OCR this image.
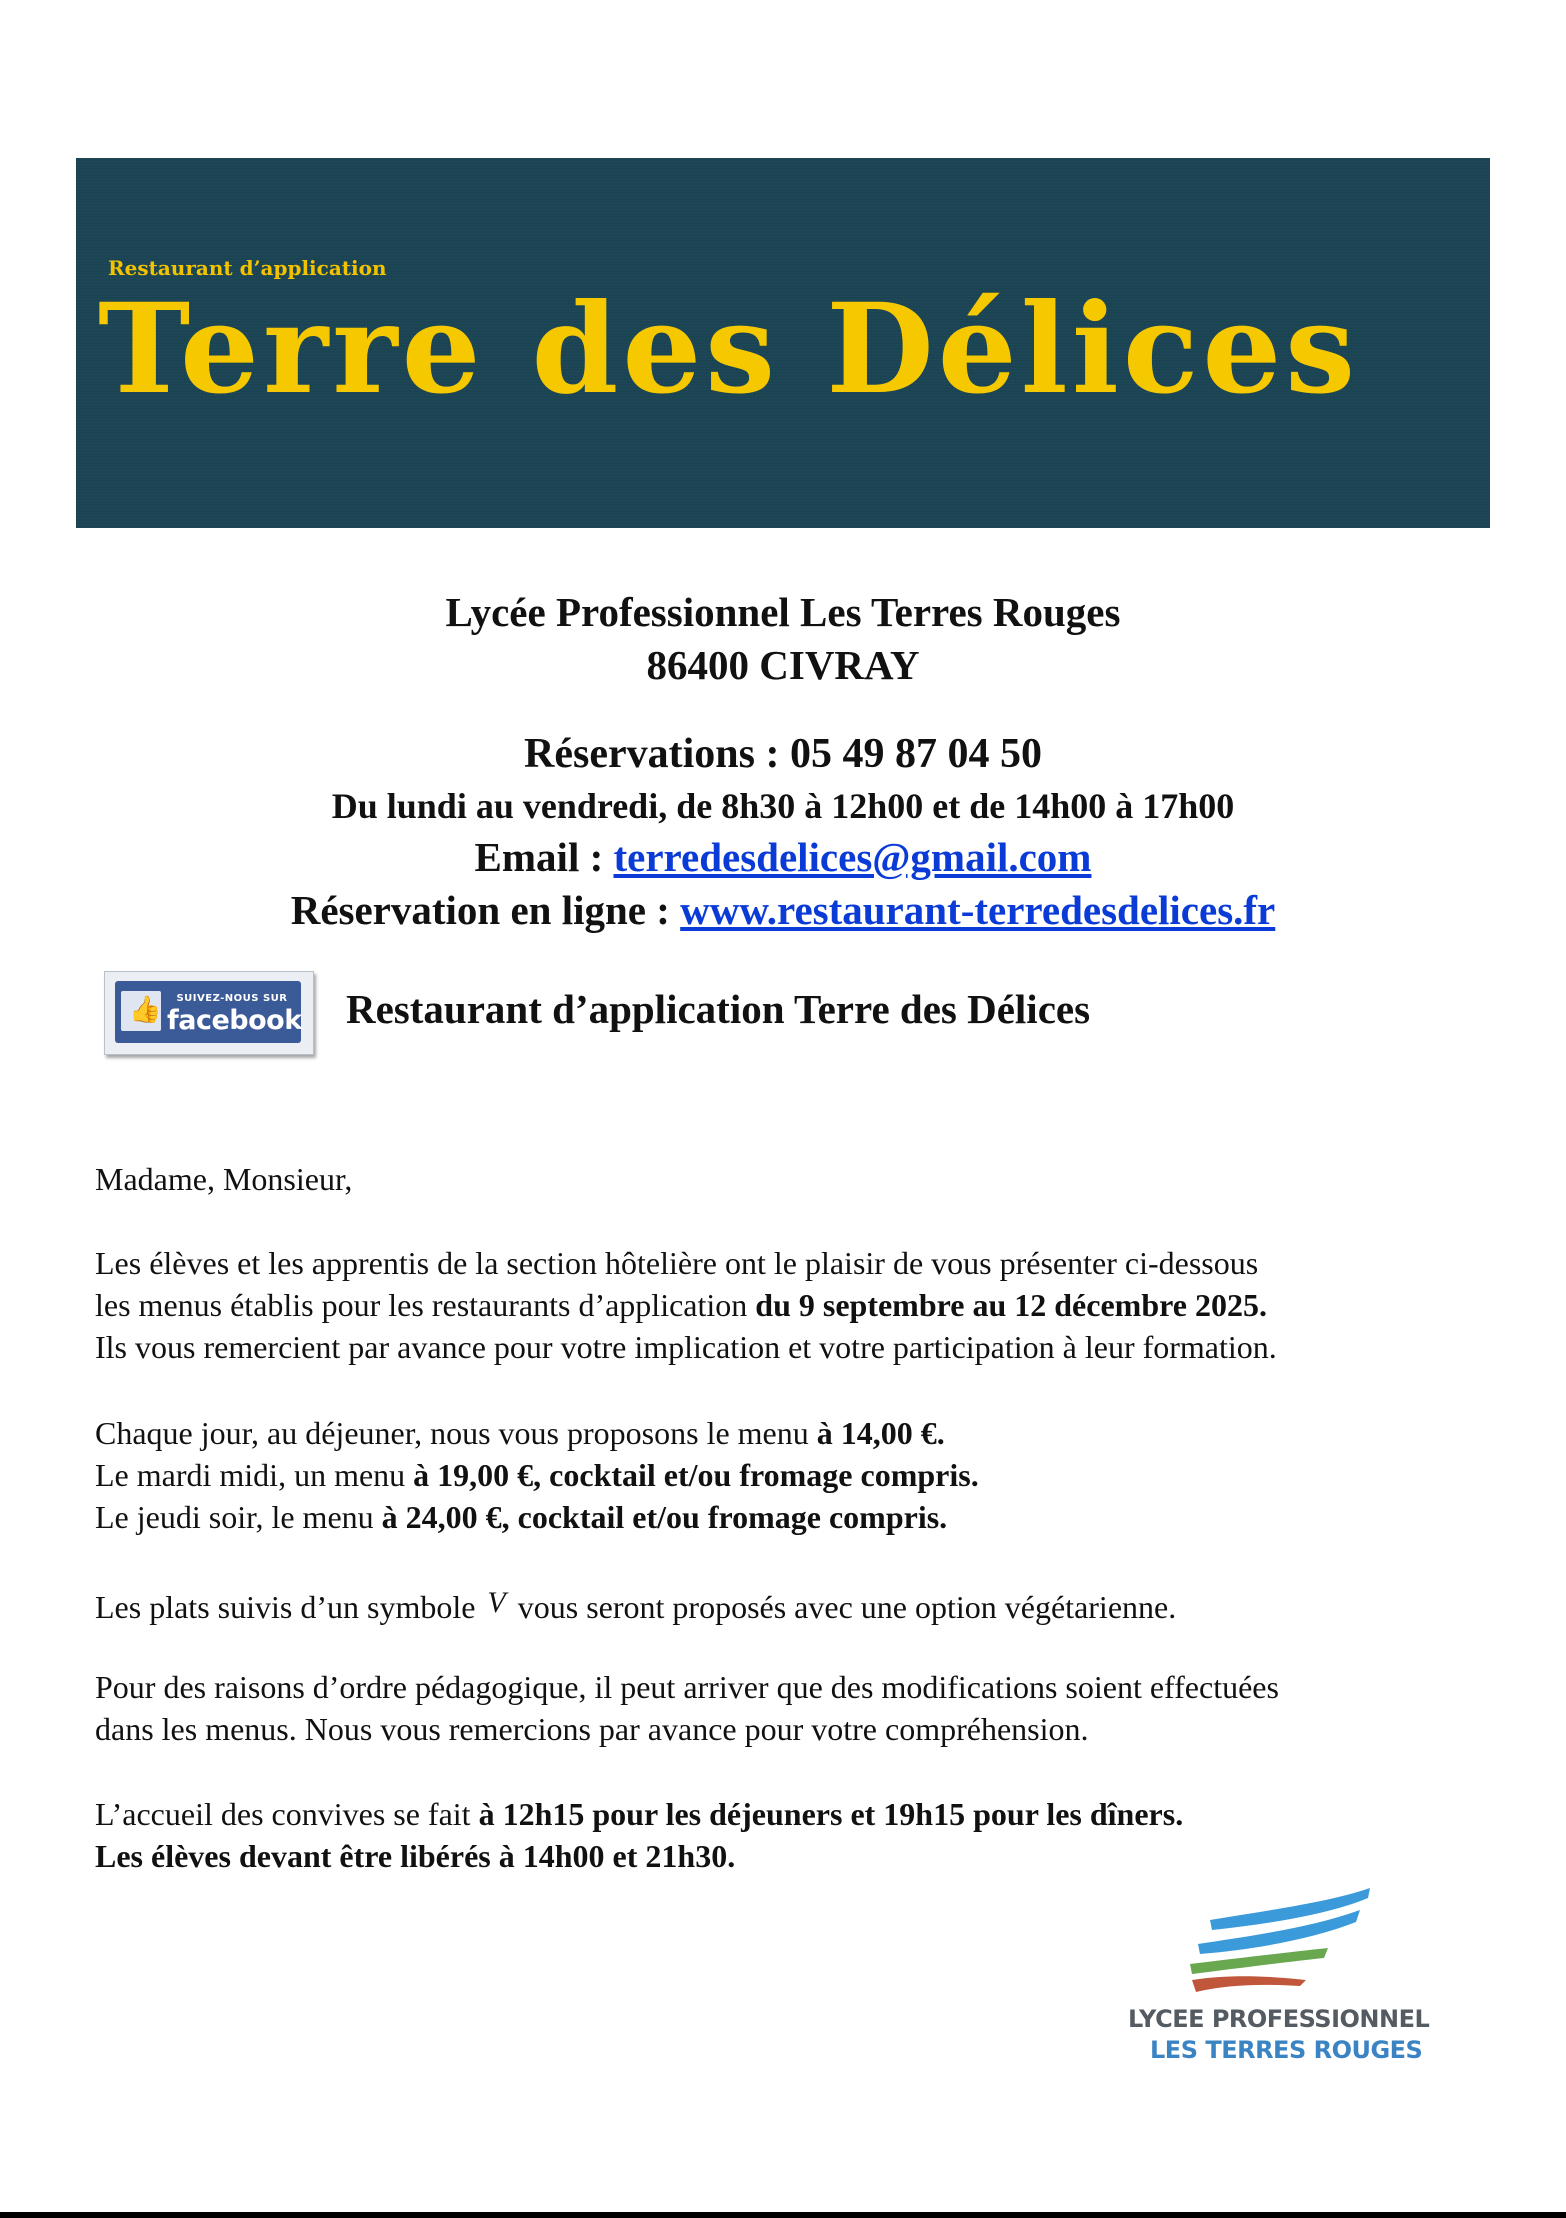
Restaurant d’application
Terre des Délices
Lycée Professionnel Les Terres Rouges
86400 CIVRAY
Réservations : 05 49 87 04 50
Du lundi au vendredi, de 8h30 à 12h00 et de 14h00 à 17h00
Email : terredesdelices@gmail.com
Réservation en ligne : www.restaurant-terredesdelices.fr
👍	SUIVEZ-NOUS SUR
facebook Restaurant d’application Terre des Délices
Madame, Monsieur,
Les élèves et les apprentis de la section hôtelière ont le plaisir de vous présenter ci-dessous
les menus établis pour les restaurants d’application du 9 septembre au 12 décembre 2025.
Ils vous remercient par avance pour votre implication et votre participation à leur formation.
Chaque jour, au déjeuner, nous vous proposons le menu à 14,00 €.
Le mardi midi, un menu à 19,00 €, cocktail et/ou fromage compris.
Le jeudi soir, le menu à 24,00 €, cocktail et/ou fromage compris.
Les plats suivis d’un symbole V vous seront proposés avec une option végétarienne.
Pour des raisons d’ordre pédagogique, il peut arriver que des modifications soient effectuées
dans les menus. Nous vous remercions par avance pour votre compréhension.
L’accueil des convives se fait à 12h15 pour les déjeuners et 19h15 pour les dîners.
Les élèves devant être libérés à 14h00 et 21h30.
LYCEE PROFESSIONNEL
LES TERRES ROUGES
